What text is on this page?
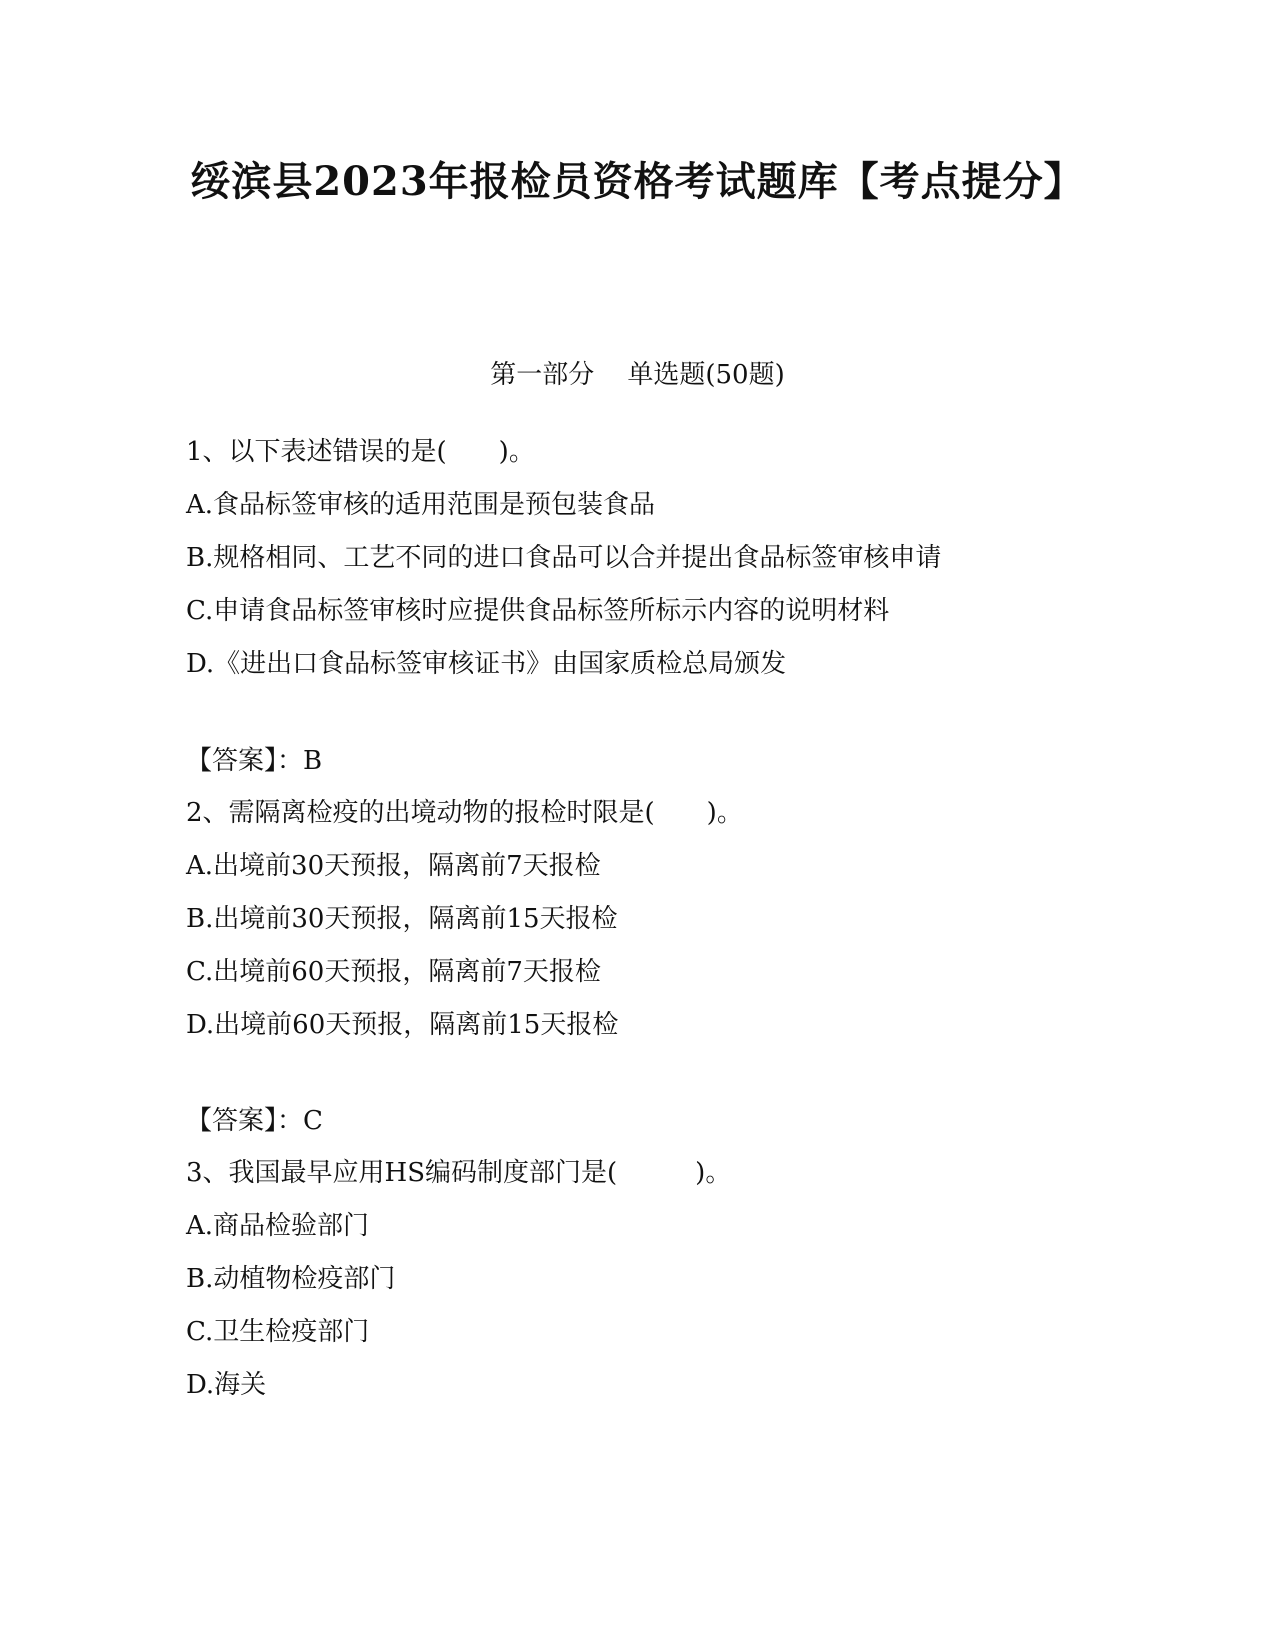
绥滨县2023年报检员资格考试题库【考点提分】
第一部分    单选题(50题)
1、以下表述错误的是(　　)。
A.食品标签审核的适用范围是预包装食品
B.规格相同、工艺不同的进口食品可以合并提出食品标签审核申请
C.申请食品标签审核时应提供食品标签所标示内容的说明材料
D.《进出口食品标签审核证书》由国家质检总局颁发
【答案】：B
2、需隔离检疫的出境动物的报检时限是(　　)。
A.出境前30天预报，隔离前7天报检
B.出境前30天预报，隔离前15天报检
C.出境前60天预报，隔离前7天报检
D.出境前60天预报，隔离前15天报检
【答案】：C
3、我国最早应用HS编码制度部门是(　　　)。
A.商品检验部门
B.动植物检疫部门
C.卫生检疫部门
D.海关
